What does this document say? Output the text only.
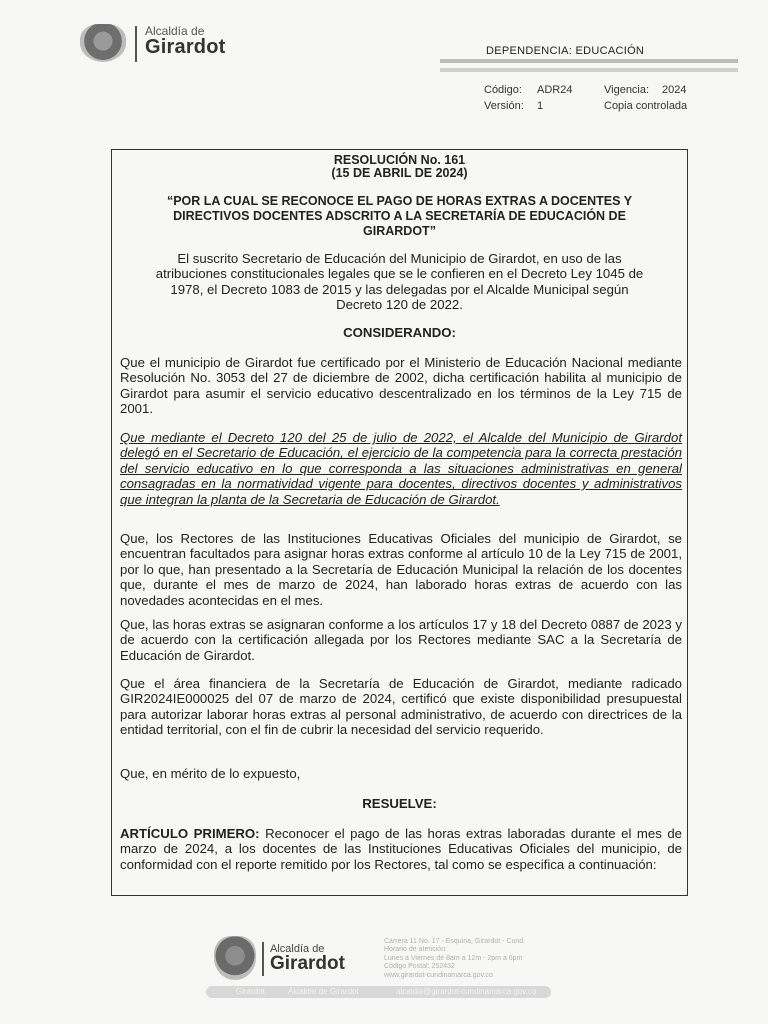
Alcaldía de
Girardot	DEPENDENCIA: EDUCACIÓN
Código: ADR24	Vigencia: 2024
Versión: 1	Copia controlada
RESOLUCIÓN No. 161
(15 DE ABRIL DE 2024)
“POR LA CUAL SE RECONOCE EL PAGO DE HORAS EXTRAS A DOCENTES Y
DIRECTIVOS DOCENTES ADSCRITO A LA SECRETARÍA DE EDUCACIÓN DE
GIRARDOT”
El suscrito Secretario de Educación del Municipio de Girardot, en uso de las
atribuciones constitucionales legales que se le confieren en el Decreto Ley 1045 de
1978, el Decreto 1083 de 2015 y las delegadas por el Alcalde Municipal según
Decreto 120 de 2022.
CONSIDERANDO:
Que el municipio de Girardot fue certificado por el Ministerio de Educación Nacional mediante Resolución No. 3053 del 27 de diciembre de 2002, dicha certificación habilita al municipio de Girardot para asumir el servicio educativo descentralizado en los términos de la Ley 715 de 2001.
Que mediante el Decreto 120 del 25 de julio de 2022, el Alcalde del Municipio de Girardot delegó en el Secretario de Educación, el ejercicio de la competencia para la correcta prestación del servicio educativo en lo que corresponda a las situaciones administrativas en general consagradas en la normatividad vigente para docentes, directivos docentes y administrativos que integran la planta de la Secretaria de Educación de Girardot.
Que, los Rectores de las Instituciones Educativas Oficiales del municipio de Girardot, se encuentran facultados para asignar horas extras conforme al artículo 10 de la Ley 715 de 2001, por lo que, han presentado a la Secretaría de Educación Municipal la relación de los docentes que, durante el mes de marzo de 2024, han laborado horas extras de acuerdo con las novedades acontecidas en el mes.
Que, las horas extras se asignaran conforme a los artículos 17 y 18 del Decreto 0887 de 2023 y de acuerdo con la certificación allegada por los Rectores mediante SAC a la Secretaría de Educación de Girardot.
Que el área financiera de la Secretaría de Educación de Girardot, mediante radicado GIR2024IE000025 del 07 de marzo de 2024, certificó que existe disponibilidad presupuestal para autorizar laborar horas extras al personal administrativo, de acuerdo con directrices de la entidad territorial, con el fin de cubrir la necesidad del servicio requerido.
Que, en mérito de lo expuesto,
RESUELVE:
ARTÍCULO PRIMERO: Reconocer el pago de las horas extras laboradas durante el mes de marzo de 2024, a los docentes de las Instituciones Educativas Oficiales del municipio, de conformidad con el reporte remitido por los Rectores, tal como se especifica a continuación:
Alcaldía de
Girardot
Carrera 11 No. 17 - Esquina, Girardot - Cund.
Horario de atención:
Lunes a Viernes de 8am a 12m - 2pm a 6pm
Código Postal: 252432
www.girardot-cundinamarca.gov.co
Girardot	Alcaldía de Girardot	alcaldia@girardot-cundinamarca.gov.co
